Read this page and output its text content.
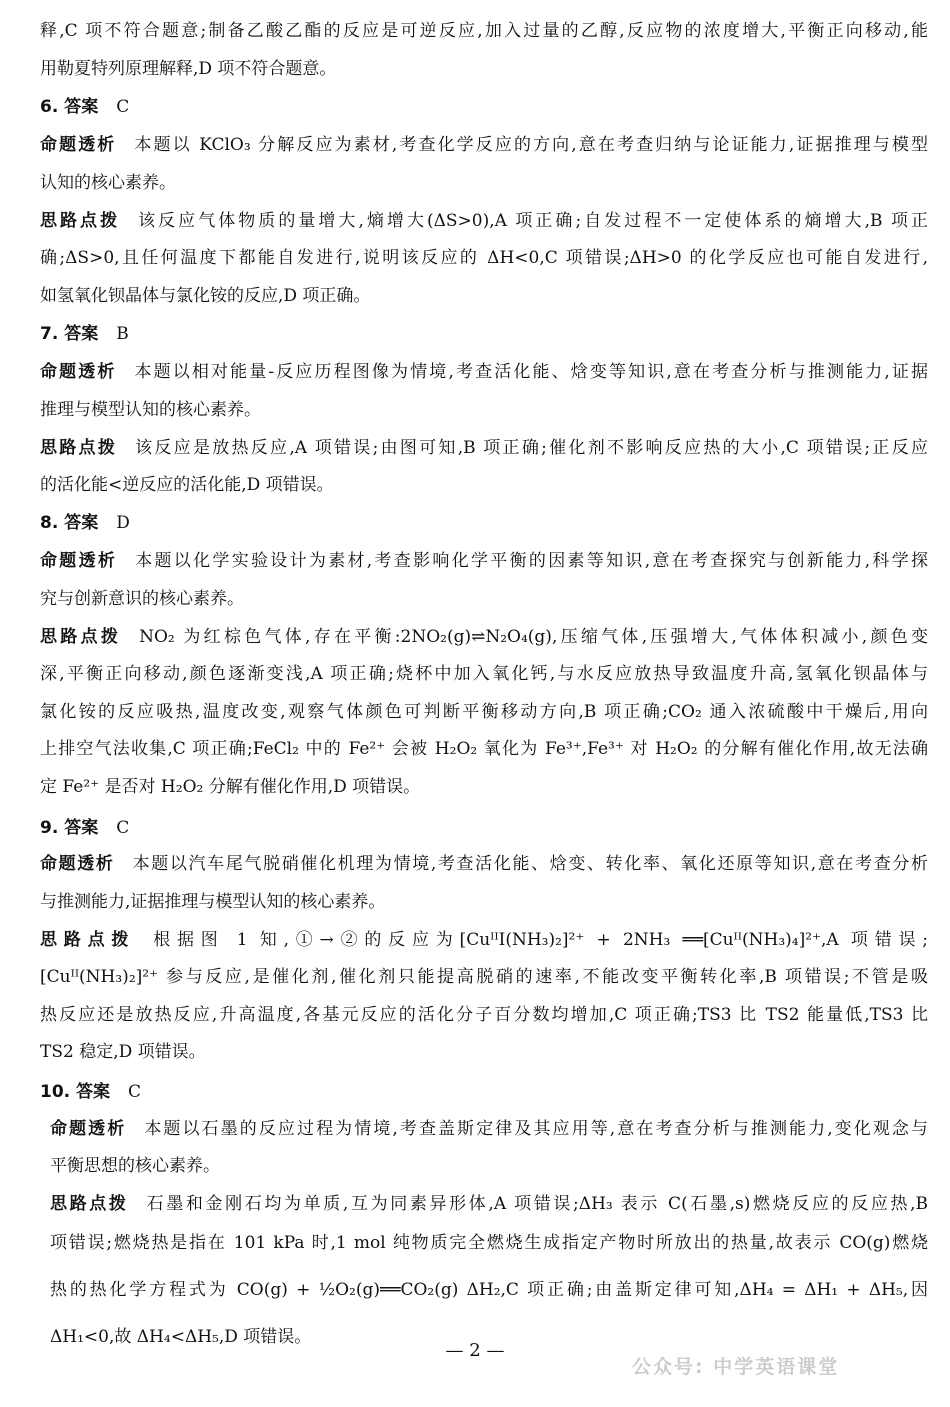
释,C 项不符合题意;制备乙酸乙酯的反应是可逆反应,加入过量的乙醇,反应物的浓度增大,平衡正向移动,能
用勒夏特列原理解释,D 项不符合题意。
6. 答案 C
命题透析 本题以 KClO₃ 分解反应为素材,考查化学反应的方向,意在考查归纳与论证能力,证据推理与模型
认知的核心素养。
思路点拨 该反应气体物质的量增大,熵增大(ΔS>0),A 项正确;自发过程不一定使体系的熵增大,B 项正
确;ΔS>0,且任何温度下都能自发进行,说明该反应的 ΔH<0,C 项错误;ΔH>0 的化学反应也可能自发进行,
如氢氧化钡晶体与氯化铵的反应,D 项正确。
7. 答案 B
命题透析 本题以相对能量-反应历程图像为情境,考查活化能、焓变等知识,意在考查分析与推测能力,证据
推理与模型认知的核心素养。
思路点拨 该反应是放热反应,A 项错误;由图可知,B 项正确;催化剂不影响反应热的大小,C 项错误;正反应
的活化能<逆反应的活化能,D 项错误。
8. 答案 D
命题透析 本题以化学实验设计为素材,考查影响化学平衡的因素等知识,意在考查探究与创新能力,科学探
究与创新意识的核心素养。
思路点拨 NO₂ 为红棕色气体,存在平衡:2NO₂(g)⇌N₂O₄(g),压缩气体,压强增大,气体体积减小,颜色变
深,平衡正向移动,颜色逐渐变浅,A 项正确;烧杯中加入氧化钙,与水反应放热导致温度升高,氢氧化钡晶体与
氯化铵的反应吸热,温度改变,观察气体颜色可判断平衡移动方向,B 项正确;CO₂ 通入浓硫酸中干燥后,用向
上排空气法收集,C 项正确;FeCl₂ 中的 Fe²⁺ 会被 H₂O₂ 氧化为 Fe³⁺,Fe³⁺ 对 H₂O₂ 的分解有催化作用,故无法确
定 Fe²⁺ 是否对 H₂O₂ 分解有催化作用,D 项错误。
9. 答案 C
命题透析 本题以汽车尾气脱硝催化机理为情境,考查活化能、焓变、转化率、氧化还原等知识,意在考查分析
与推测能力,证据推理与模型认知的核心素养。
思路点拨 根据图 1 知,①→②的反应为[CuᴵᴵI(NH₃)₂]²⁺ + 2NH₃ ══[Cuᴵᴵ(NH₃)₄]²⁺,A 项错误;
[Cuᴵᴵ(NH₃)₂]²⁺ 参与反应,是催化剂,催化剂只能提高脱硝的速率,不能改变平衡转化率,B 项错误;不管是吸
热反应还是放热反应,升高温度,各基元反应的活化分子百分数均增加,C 项正确;TS3 比 TS2 能量低,TS3 比
TS2 稳定,D 项错误。
10. 答案 C
命题透析 本题以石墨的反应过程为情境,考查盖斯定律及其应用等,意在考查分析与推测能力,变化观念与
平衡思想的核心素养。
思路点拨 石墨和金刚石均为单质,互为同素异形体,A 项错误;ΔH₃ 表示 C(石墨,s)燃烧反应的反应热,B
项错误;燃烧热是指在 101 kPa 时,1 mol 纯物质完全燃烧生成指定产物时所放出的热量,故表示 CO(g)燃烧
热的热化学方程式为 CO(g) + ½O₂(g)══CO₂(g) ΔH₂,C 项正确;由盖斯定律可知,ΔH₄ = ΔH₁ + ΔH₅,因
ΔH₁<0,故 ΔH₄<ΔH₅,D 项错误。
— 2 —
公众号: 中学英语课堂
